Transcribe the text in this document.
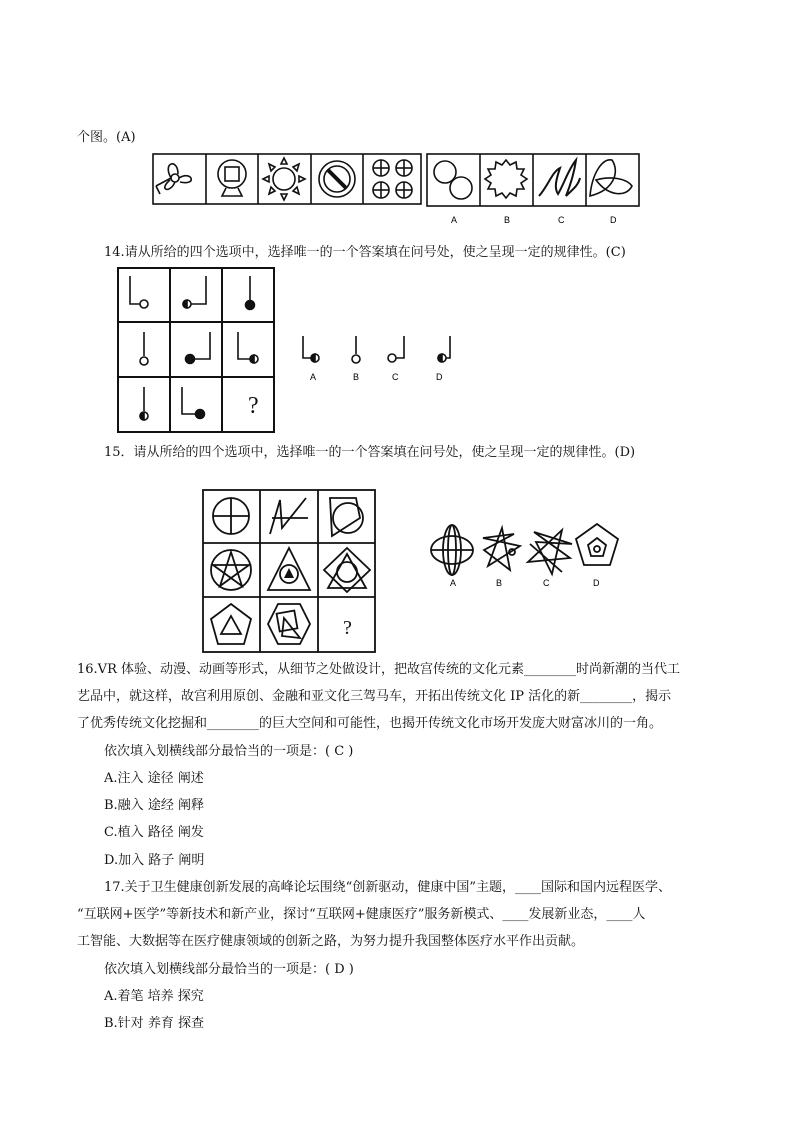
个图。(A)
A	B	C	D
14.请从所给的四个选项中，选择唯一的一个答案填在问号处，使之呈现一定的规律性。(C)
?
A	B	C	D
15．请从所给的四个选项中，选择唯一的一个答案填在问号处，使之呈现一定的规律性。(D)
?
A	B	C	D
16.VR 体验、动漫、动画等形式，从细节之处做设计，把故宫传统的文化元素________时尚新潮的当代工
艺品中，就这样，故宫利用原创、金融和亚文化三驾马车，开拓出传统文化 IP 活化的新________，揭示
了优秀传统文化挖掘和________的巨大空间和可能性，也揭开传统文化市场开发庞大财富冰川的一角。
依次填入划横线部分最恰当的一项是：( C )
A.注入 途径 阐述
B.融入 途经 阐释
C.植入 路径 阐发
D.加入 路子 阐明
17.关于卫生健康创新发展的高峰论坛围绕“创新驱动，健康中国”主题，____国际和国内远程医学、
“互联网+医学”等新技术和新产业，探讨“互联网+健康医疗”服务新模式、____发展新业态，____人
工智能、大数据等在医疗健康领域的创新之路，为努力提升我国整体医疗水平作出贡献。
依次填入划横线部分最恰当的一项是：( D )
A.着笔 培养 探究
B.针对 养育 探查
